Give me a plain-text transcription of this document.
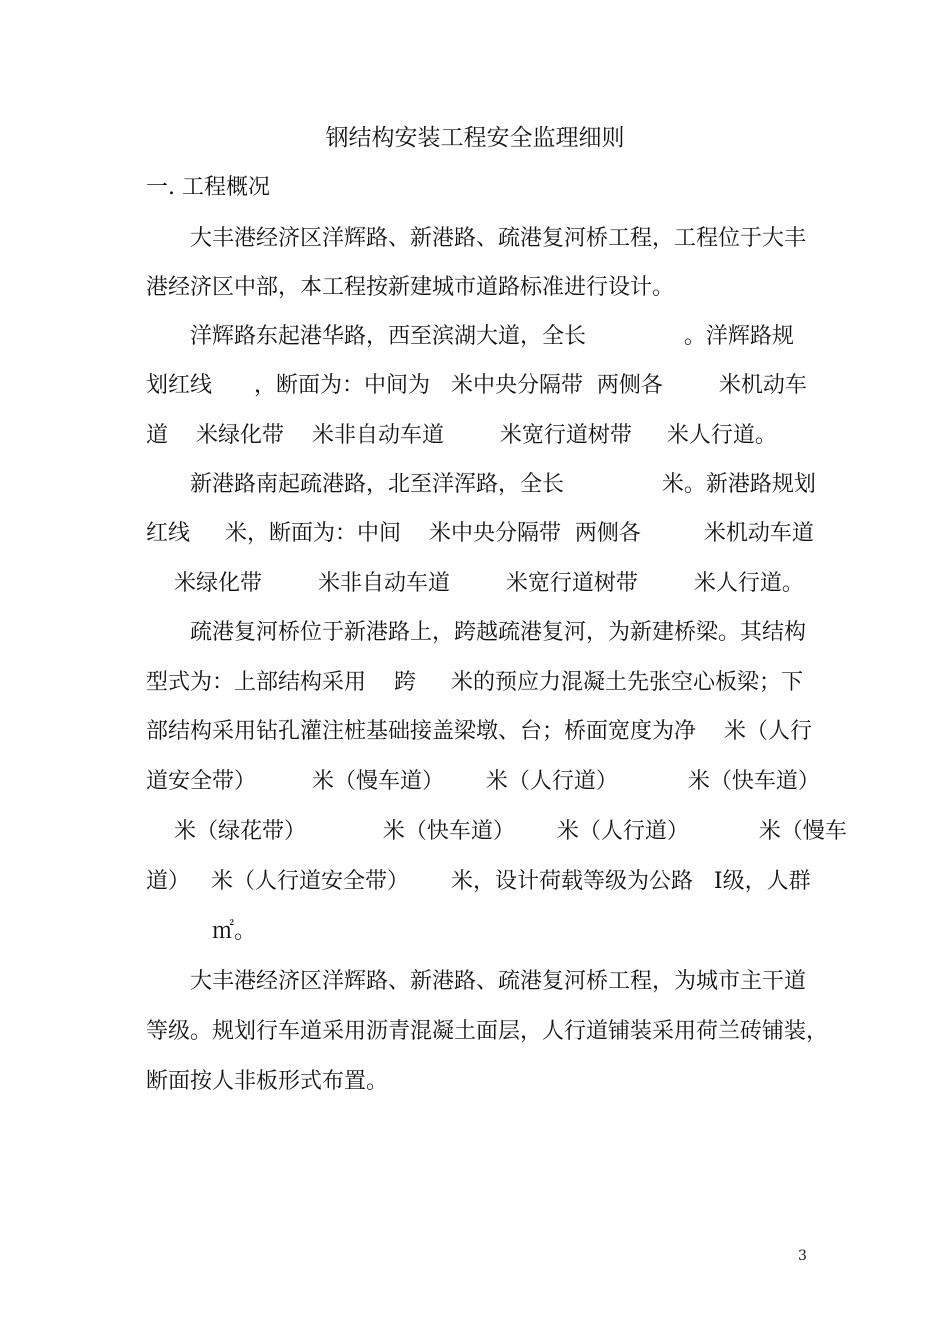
钢结构安装工程安全监理细则
一. 工程概况
大丰港经济区洋辉路、新港路、疏港复河桥工程，工程位于大丰
港经济区中部，本工程按新建城市道路标准进行设计。
洋辉路东起港华路，西至滨湖大道，全长              。洋辉路规
划红线      ，断面为：中间为   米中央分隔带  两侧各        米机动车
道    米绿化带    米非自动车道        米宽行道树带     米人行道。
新港路南起疏港路，北至洋浑路，全长              米。新港路规划
红线     米，断面为：中间    米中央分隔带  两侧各         米机动车道
米绿化带        米非自动车道        米宽行道树带        米人行道。
疏港复河桥位于新港路上，跨越疏港复河，为新建桥梁。其结构
型式为：上部结构采用    跨     米的预应力混凝土先张空心板梁；下
部结构采用钻孔灌注桩基础接盖梁墩、台；桥面宽度为净    米（人行
道安全带）        米（慢车道）      米（人行道）          米（快车道）
米（绿花带）           米（快车道）      米（人行道）          米（慢车
道）   米（人行道安全带）      米，设计荷载等级为公路   Ⅰ级，人群
㎡。
大丰港经济区洋辉路、新港路、疏港复河桥工程，为城市主干道
等级。规划行车道采用沥青混凝土面层，人行道铺装采用荷兰砖铺装，
断面按人非板形式布置。
3
